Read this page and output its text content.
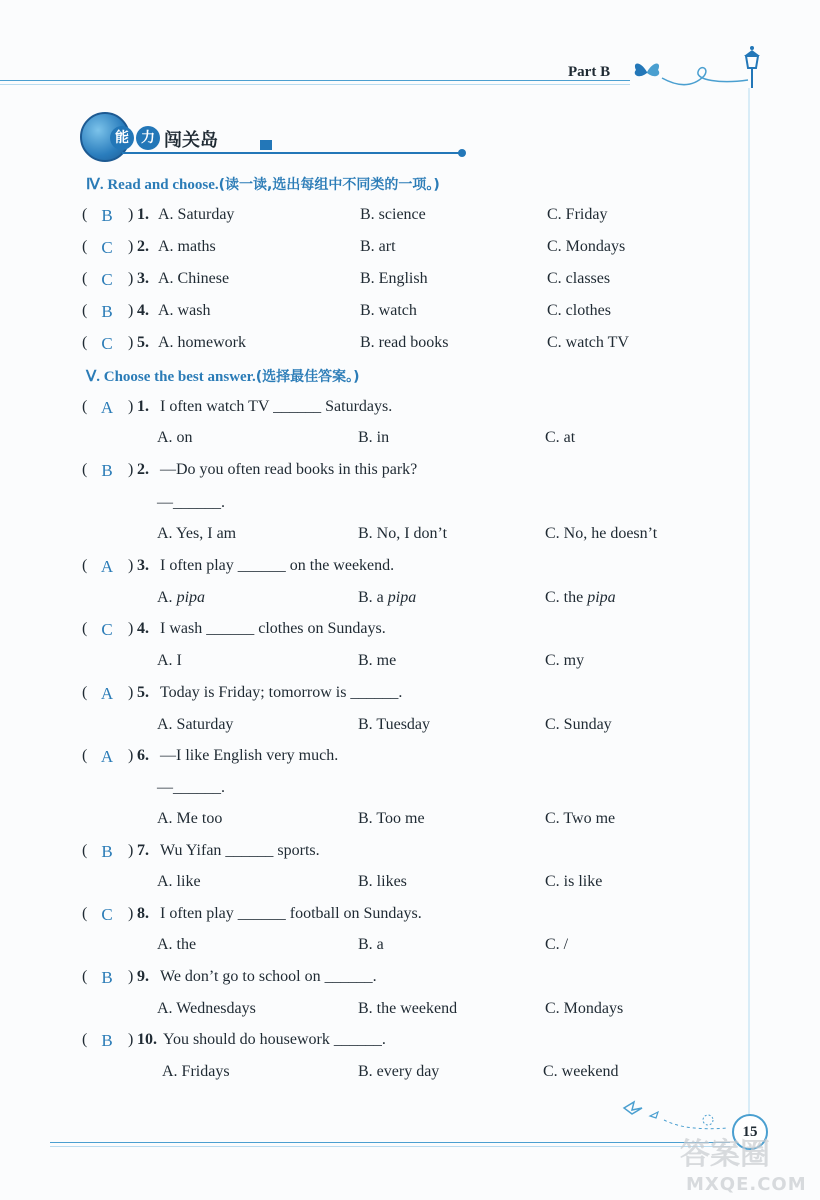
Part B
能 力 闯关岛
Ⅳ. Read and choose.(读一读,选出每组中不同类的一项。)
( B ) 1. A. Saturday	B. science	C. Friday
( C ) 2. A. maths	B. art	C. Mondays
( C ) 3. A. Chinese	B. English	C. classes
( B ) 4. A. wash	B. watch	C. clothes
( C ) 5. A. homework	B. read books	C. watch TV
Ⅴ. Choose the best answer.(选择最佳答案。)
( A ) 1. I often watch TV ______ Saturdays.
A. on	B. in	C. at
( B ) 2. —Do you often read books in this park?
—______.
A. Yes, I am	B. No, I don’t	C. No, he doesn’t
( A ) 3. I often play ______ on the weekend.
A. pipa	B. a pipa	C. the pipa
( C ) 4. I wash ______ clothes on Sundays.
A. I	B. me	C. my
( A ) 5. Today is Friday; tomorrow is ______.
A. Saturday	B. Tuesday	C. Sunday
( A ) 6. —I like English very much.
—______.
A. Me too	B. Too me	C. Two me
( B ) 7. Wu Yifan ______ sports.
A. like	B. likes	C. is like
( C ) 8. I often play ______ football on Sundays.
A. the	B. a	C. /
( B ) 9. We don’t go to school on ______.
A. Wednesdays	B. the weekend	C. Mondays
( B ) 10. You should do housework ______.
A. Fridays	B. every day	C. weekend
15
答案圈
MXQE.COM
